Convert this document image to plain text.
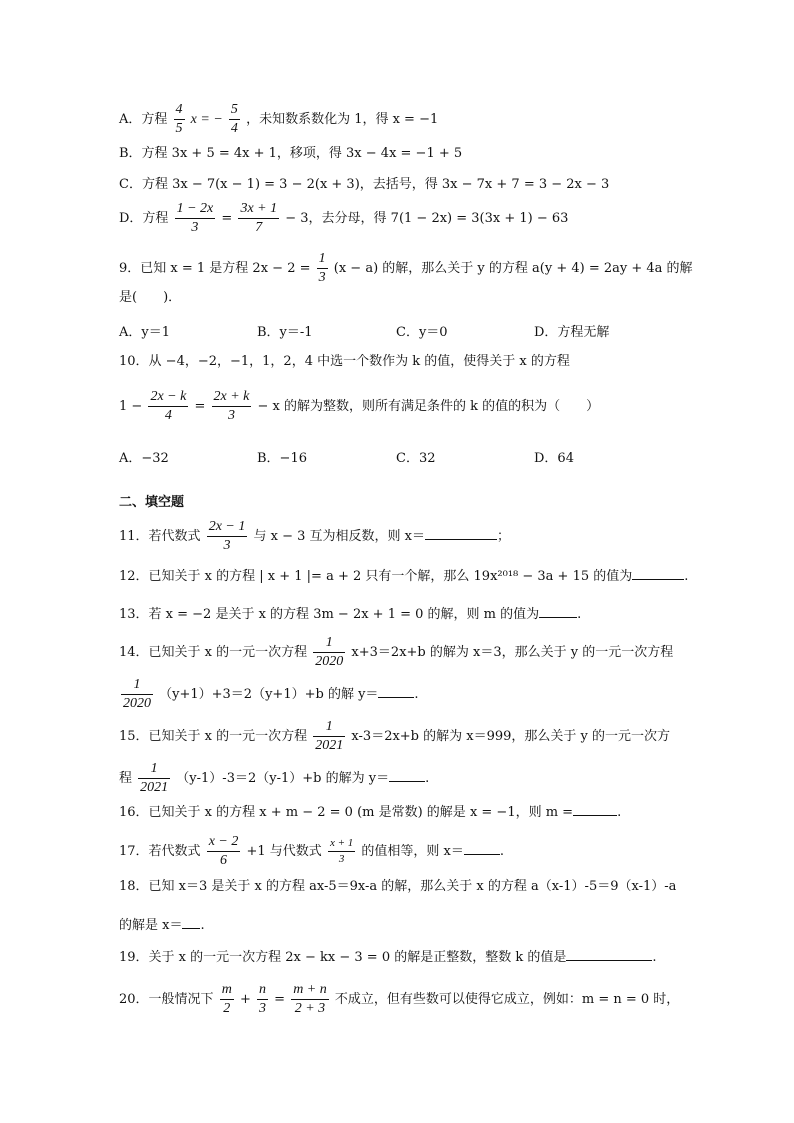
A．方程 $\frac{4}{5}$ x = − $\frac{5}{4}$ ，未知数系数化为 1，得 x = −1
B．方程 3x + 5 = 4x + 1，移项，得 3x − 4x = −1 + 5
C．方程 3x − 7(x − 1) = 3 − 2(x + 3)，去括号，得 3x − 7x + 7 = 3 − 2x − 3
D．方程 $\frac{1 - 2x}{3} = \frac{3x + 1}{7} - 3$，去分母，得 7(1 − 2x) = 3(3x + 1) − 63
9．已知 x = 1 是方程 $2x - 2 = \frac{1}{3} (x - a)$ 的解，那么关于 y 的方程 a(y + 4) = 2ay + 4a 的解
是(　　)．
A．y＝1	B．y＝-1	C．y＝0	D．方程无解
10．从 −4，−2，−1，1，2，4 中选一个数作为 k 的值，使得关于 x 的方程
$1 - \frac{2x - k}{4} = \frac{2x + k}{3} - x$ 的解为整数，则所有满足条件的 k 的值的积为（　　）
A．−32	B．−16	C．32	D．64
二、填空题
11．若代数式 $\frac{2x - 1}{3}$ 与 x − 3 互为相反数，则 x＝	；
12．已知关于 x 的方程 | x + 1 |= a + 2 只有一个解，那么 19x²⁰¹⁸ − 3a + 15 的值为	.
13．若 x = −2 是关于 x 的方程 3m − 2x + 1 = 0 的解，则 m 的值为	.
14．已知关于 x 的一元一次方程 $\frac{1}{2020} x+3=2x+b$ 的解为 x＝3，那么关于 y 的一元一次方程
$\frac{1}{2020} (y+1)+3=2(y+1)+b$ 的解 y＝	.
15．已知关于 x 的一元一次方程 $\frac{1}{2021} x-3=2x+b$ 的解为 x＝999，那么关于 y 的一元一次方
程 $\frac{1}{2021} (y-1)-3=2(y-1)+b$ 的解为 y＝	.
16．已知关于 x 的方程 x + m − 2 = 0 (m 是常数) 的解是 x = −1，则 m =	.
17．若代数式 $\frac{x - 2}{6} +1$ 与代数式 $\frac{x + 1}{3}$ 的值相等，则 x＝	.
18．已知 x＝3 是关于 x 的方程 ax-5＝9x-a 的解，那么关于 x 的方程 a（x-1）-5＝9（x-1）-a
的解是 x＝ .
19．关于 x 的一元一次方程 2x − kx − 3 = 0 的解是正整数，整数 k 的值是	.
20．一般情况下 $\frac{m}{2} + \frac{n}{3} = \frac{m + n}{2 + 3}$ 不成立，但有些数可以使得它成立，例如：m = n = 0 时，
